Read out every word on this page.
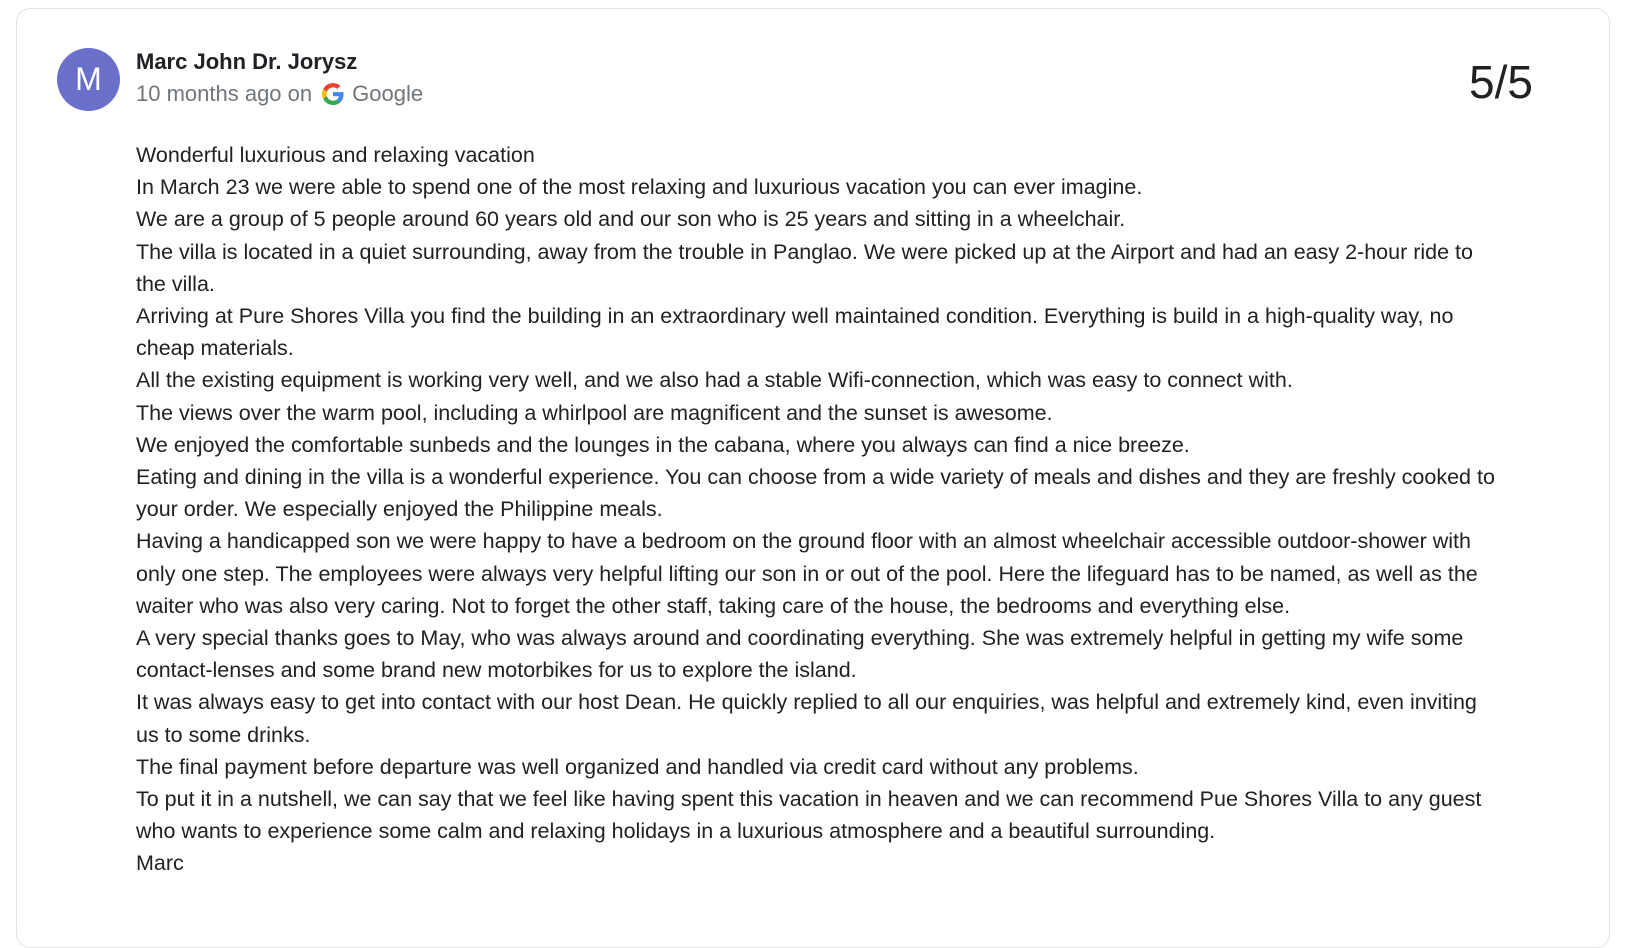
M	Marc John Dr. Jorysz
10 months ago on Google	5/5

Wonderful luxurious and relaxing vacation

In March 23 we were able to spend one of the most relaxing and luxurious vacation you can ever imagine.

We are a group of 5 people around 60 years old and our son who is 25 years and sitting in a wheelchair.

The villa is located in a quiet surrounding, away from the trouble in Panglao. We were picked up at the Airport and had an easy 2-hour ride to the villa.

Arriving at Pure Shores Villa you find the building in an extraordinary well maintained condition. Everything is build in a high-quality way, no cheap materials.

All the existing equipment is working very well, and we also had a stable Wifi-connection, which was easy to connect with.

The views over the warm pool, including a whirlpool are magnificent and the sunset is awesome.

We enjoyed the comfortable sunbeds and the lounges in the cabana, where you always can find a nice breeze.

Eating and dining in the villa is a wonderful experience. You can choose from a wide variety of meals and dishes and they are freshly cooked to your order. We especially enjoyed the Philippine meals.

Having a handicapped son we were happy to have a bedroom on the ground floor with an almost wheelchair accessible outdoor-shower with only one step. The employees were always very helpful lifting our son in or out of the pool. Here the lifeguard has to be named, as well as the waiter who was also very caring. Not to forget the other staff, taking care of the house, the bedrooms and everything else.

A very special thanks goes to May, who was always around and coordinating everything. She was extremely helpful in getting my wife some contact-lenses and some brand new motorbikes for us to explore the island.

It was always easy to get into contact with our host Dean. He quickly replied to all our enquiries, was helpful and extremely kind, even inviting us to some drinks.

The final payment before departure was well organized and handled via credit card without any problems.

To put it in a nutshell, we can say that we feel like having spent this vacation in heaven and we can recommend Pue Shores Villa to any guest who wants to experience some calm and relaxing holidays in a luxurious atmosphere and a beautiful surrounding.

Marc
